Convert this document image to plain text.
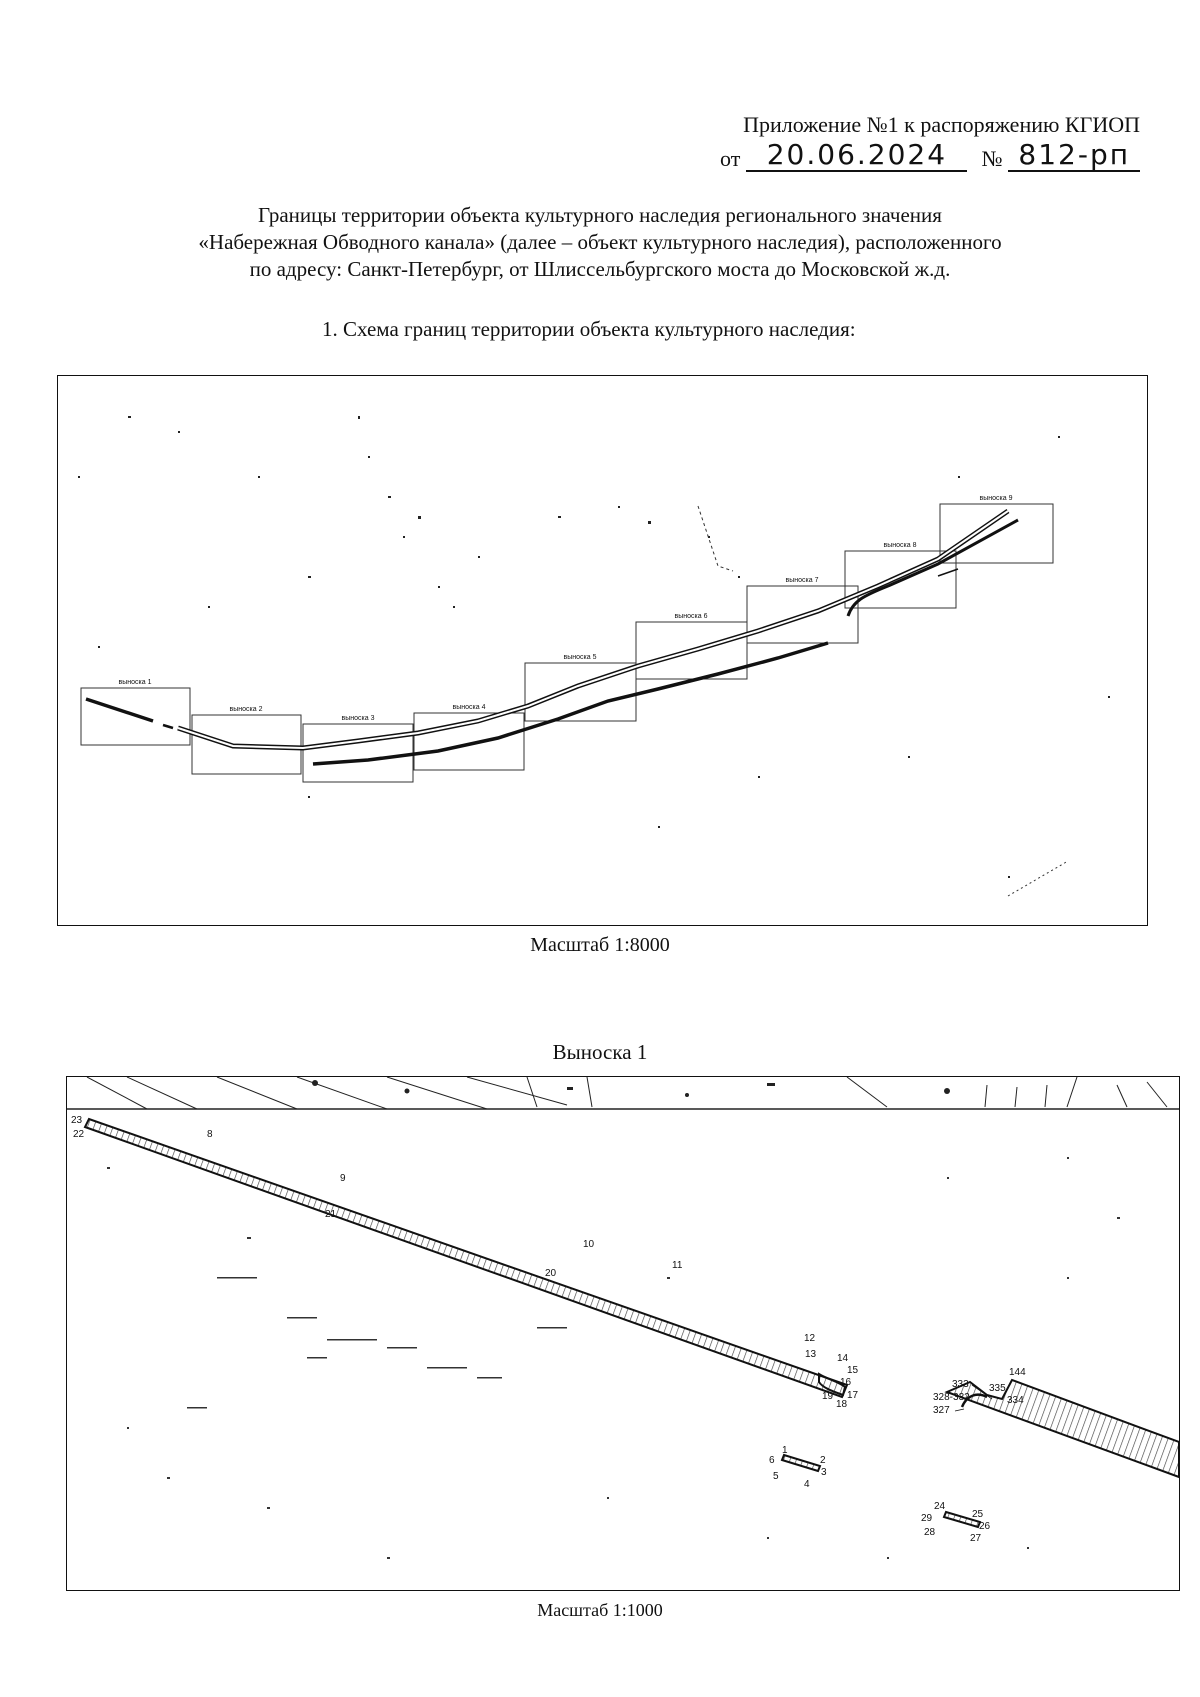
Приложение №1 к распоряжению КГИОП
от 20.06.2024	№ 812-рп
Границы территории объекта культурного наследия регионального значения
«Набережная Обводного канала» (далее – объект культурного наследия), расположенного
по адресу: Санкт-Петербург, от Шлиссельбургского моста до Московской ж.д.
1. Схема границ территории объекта культурного наследия:
выноска 1
выноска 2
выноска 3
выноска 4
выноска 5
выноска 6
выноска 7
выноска 8
выноска 9
Масштаб 1:8000
Выноска 1
23
22	8
9
21
10
20
11
12
13 14
15
16
17
19
18
1
6	2
5	3
4
333
144
335
328-332	334
327
24
29	25
28
26
27
Масштаб 1:1000
